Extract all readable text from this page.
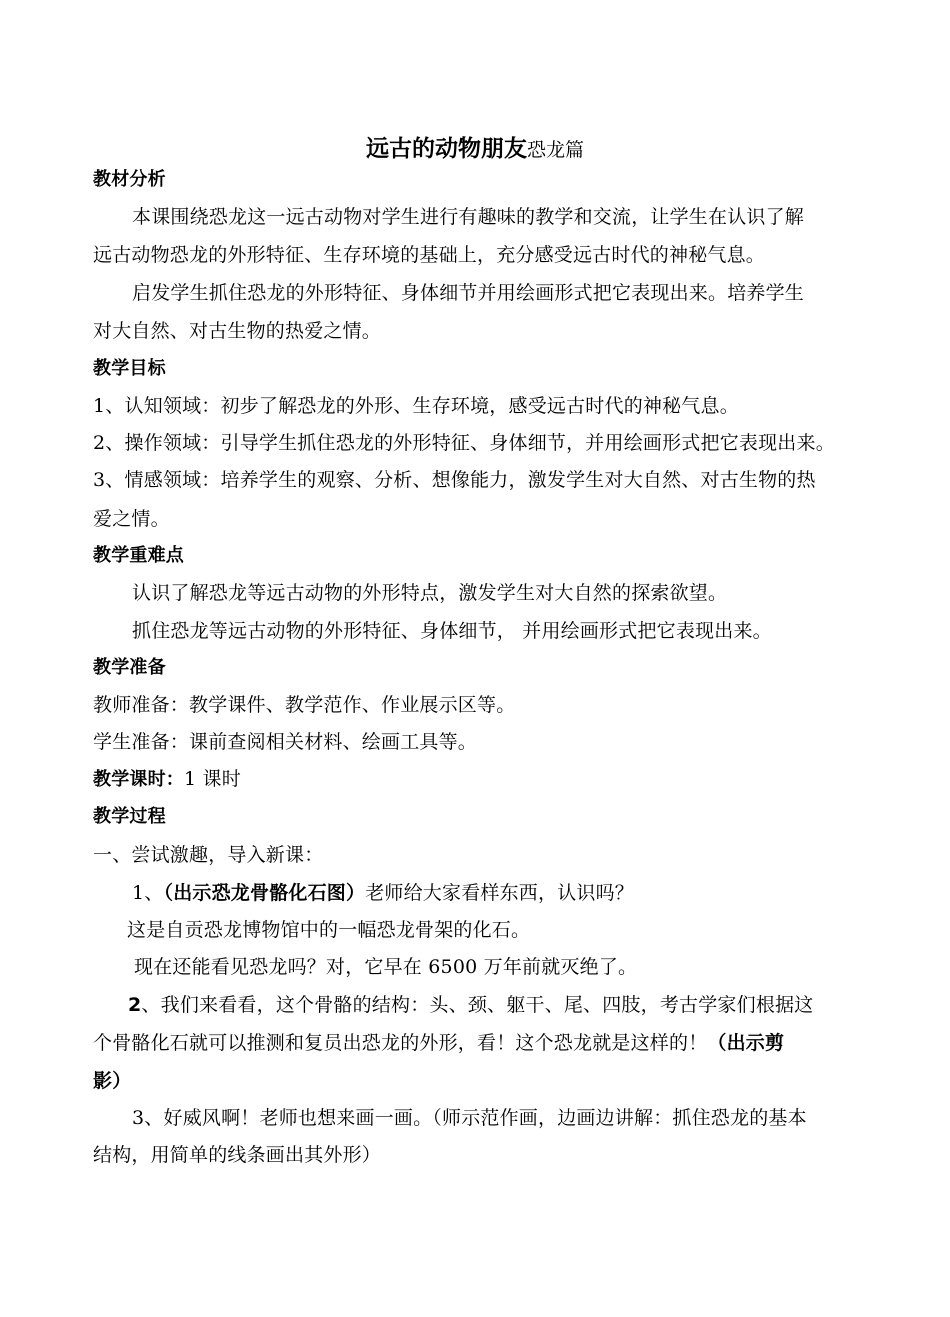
远古的动物朋友恐龙篇
教材分析
本课围绕恐龙这一远古动物对学生进行有趣味的教学和交流，让学生在认识了解
远古动物恐龙的外形特征、生存环境的基础上，充分感受远古时代的神秘气息。
启发学生抓住恐龙的外形特征、身体细节并用绘画形式把它表现出来。培养学生
对大自然、对古生物的热爱之情。
教学目标
1、认知领域：初步了解恐龙的外形、生存环境，感受远古时代的神秘气息。
2、操作领域：引导学生抓住恐龙的外形特征、身体细节，并用绘画形式把它表现出来。
3、情感领域：培养学生的观察、分析、想像能力，激发学生对大自然、对古生物的热
爱之情。
教学重难点
认识了解恐龙等远古动物的外形特点，激发学生对大自然的探索欲望。
抓住恐龙等远古动物的外形特征、身体细节， 并用绘画形式把它表现出来。
教学准备
教师准备：教学课件、教学范作、作业展示区等。
学生准备：课前查阅相关材料、绘画工具等。
教学课时：1 课时
教学过程
一、尝试激趣，导入新课：
1、（出示恐龙骨骼化石图）老师给大家看样东西，认识吗？
这是自贡恐龙博物馆中的一幅恐龙骨架的化石。
现在还能看见恐龙吗？对，它早在 6500 万年前就灭绝了。
2、我们来看看，这个骨骼的结构：头、颈、躯干、尾、四肢，考古学家们根据这
个骨骼化石就可以推测和复员出恐龙的外形，看！这个恐龙就是这样的！（出示剪
影）
3、好威风啊！老师也想来画一画。（师示范作画，边画边讲解：抓住恐龙的基本
结构，用简单的线条画出其外形）
